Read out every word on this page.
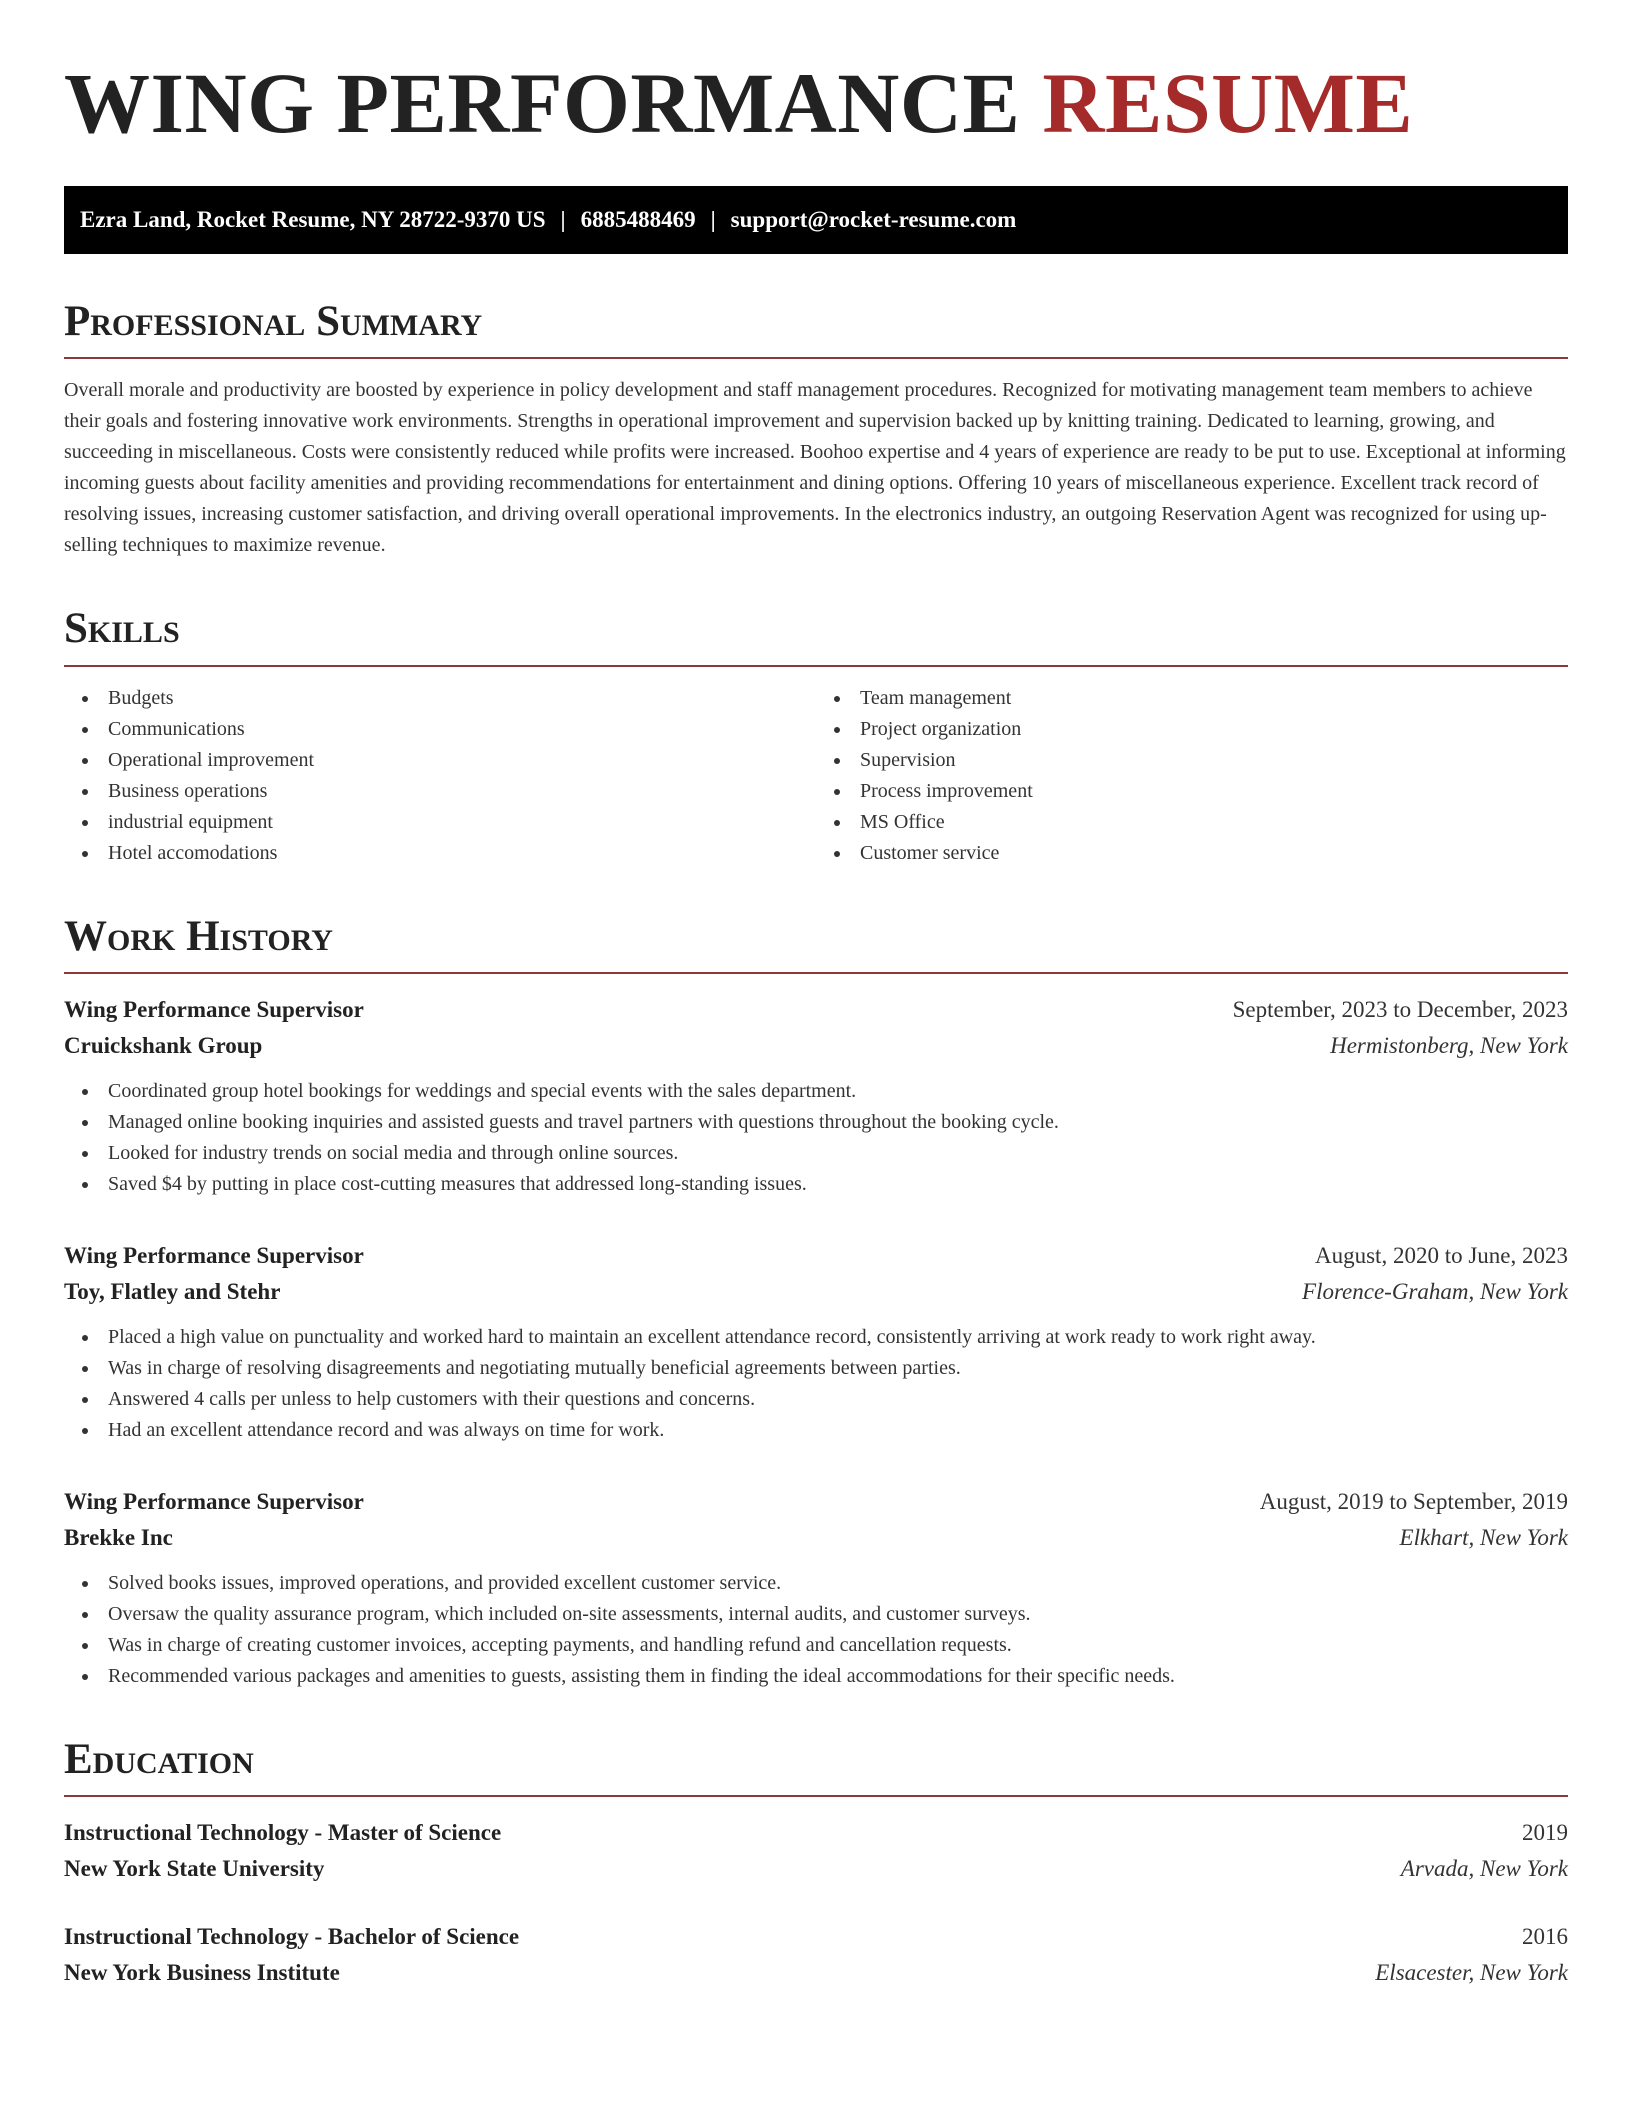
WING PERFORMANCE RESUME
Ezra Land, Rocket Resume, NY 28722-9370 US | 6885488469 | support@rocket-resume.com
Professional Summary

Overall morale and productivity are boosted by experience in policy development and staff management procedures. Recognized for motivating management team members to achieve their goals and fostering innovative work environments. Strengths in operational improvement and supervision backed up by knitting training. Dedicated to learning, growing, and succeeding in miscellaneous. Costs were consistently reduced while profits were increased. Boohoo expertise and 4 years of experience are ready to be put to use. Exceptional at informing incoming guests about facility amenities and providing recommendations for entertainment and dining options. Offering 10 years of miscellaneous experience. Excellent track record of resolving issues, increasing customer satisfaction, and driving overall operational improvements. In the electronics industry, an outgoing Reservation Agent was recognized for using up-selling techniques to maximize revenue.

Skills
Budgets
Communications
Operational improvement
Business operations
industrial equipment
Hotel accomodations
Team management
Project organization
Supervision
Process improvement
MS Office
Customer service
Work History
Wing Performance Supervisor	September, 2023 to December, 2023
Cruickshank Group	Hermistonberg, New York
Coordinated group hotel bookings for weddings and special events with the sales department.
Managed online booking inquiries and assisted guests and travel partners with questions throughout the booking cycle.
Looked for industry trends on social media and through online sources.
Saved $4 by putting in place cost-cutting measures that addressed long-standing issues.
Wing Performance Supervisor	August, 2020 to June, 2023
Toy, Flatley and Stehr	Florence-Graham, New York
Placed a high value on punctuality and worked hard to maintain an excellent attendance record, consistently arriving at work ready to work right away.
Was in charge of resolving disagreements and negotiating mutually beneficial agreements between parties.
Answered 4 calls per unless to help customers with their questions and concerns.
Had an excellent attendance record and was always on time for work.
Wing Performance Supervisor	August, 2019 to September, 2019
Brekke Inc	Elkhart, New York
Solved books issues, improved operations, and provided excellent customer service.
Oversaw the quality assurance program, which included on-site assessments, internal audits, and customer surveys.
Was in charge of creating customer invoices, accepting payments, and handling refund and cancellation requests.
Recommended various packages and amenities to guests, assisting them in finding the ideal accommodations for their specific needs.
Education
Instructional Technology - Master of Science	2019
New York State University	Arvada, New York
Instructional Technology - Bachelor of Science	2016
New York Business Institute	Elsacester, New York
